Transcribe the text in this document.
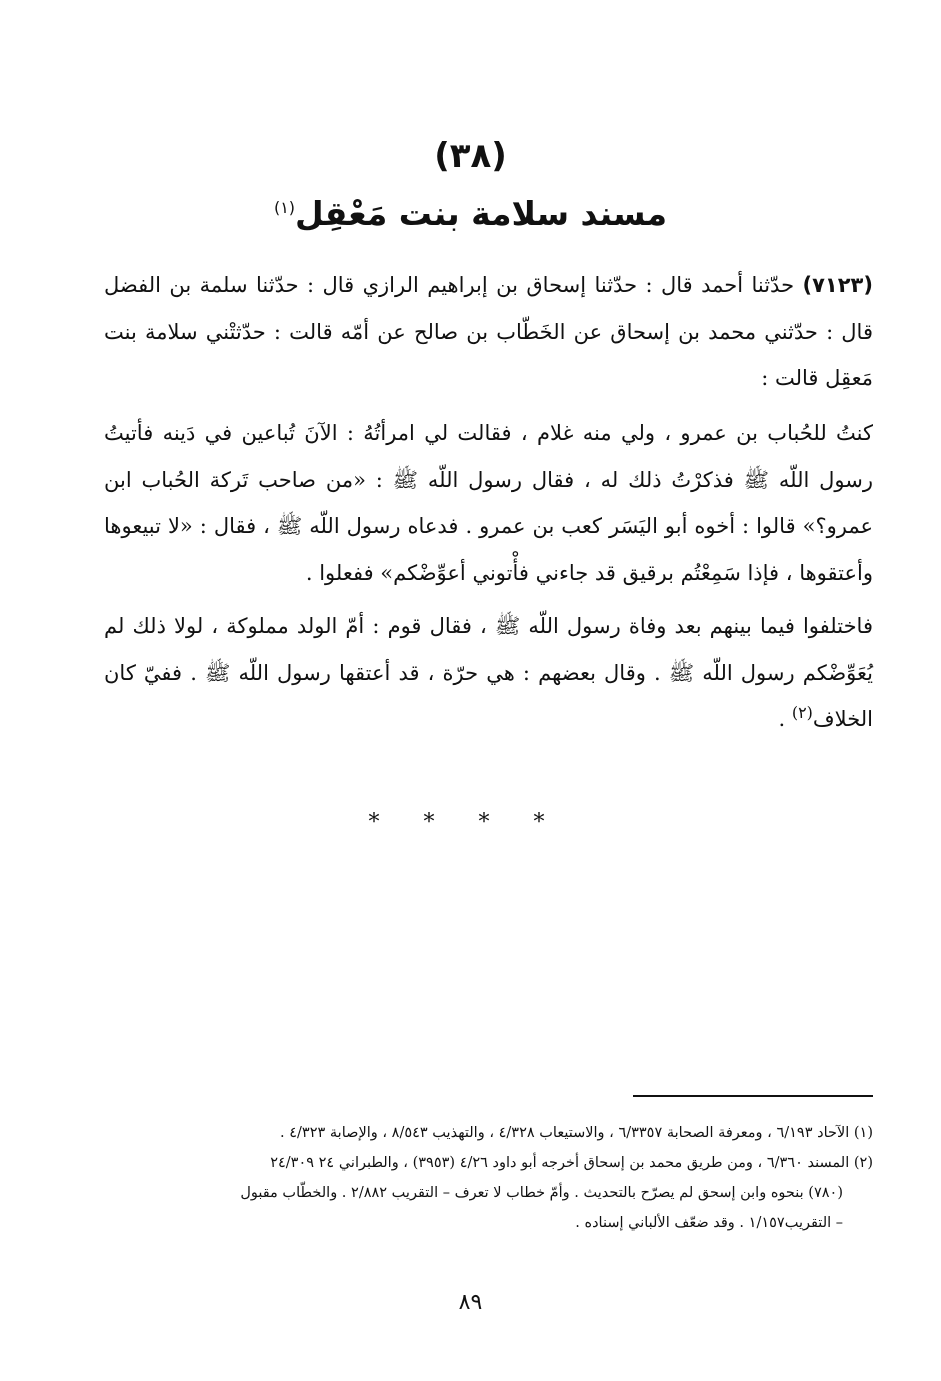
(٣٨)
مسند سلامة بنت مَعْقِل$^{(١)}$

(٧١٢٣) حدّثنا أحمد قال : حدّثنا إسحاق بن إبراهيم الرازي قال : حدّثنا سلمة بن الفضل قال : حدّثني محمد بن إسحاق عن الخَطّاب بن صالح عن أمّه قالت : حدّثتْني سلامة بنت مَعقِل قالت :

كنتُ للحُباب بن عمرو ، ولي منه غلام ، فقالت لي امرأتُهُ : الآنَ تُباعين في دَينه فأتيتُ رسول اللّه ﷺ فذكرْتُ ذلك له ، فقال رسول اللّه ﷺ : «من صاحب تَركة الحُباب ابن عمرو؟» قالوا : أخوه أبو اليَسَر كعب بن عمرو . فدعاه رسول اللّه ﷺ ، فقال : «لا تبيعوها وأعتقوها ، فإذا سَمِعْتُم برقيق قد جاءني فأْتوني أعوِّضْكم» ففعلوا .

فاختلفوا فيما بينهم بعد وفاة رسول اللّه ﷺ ، فقال قوم : أمّ الولد مملوكة ، لولا ذلك لم يُعَوِّضْكم رسول اللّه ﷺ . وقال بعضهم : هي حرّة ، قد أعتقها رسول اللّه ﷺ . ففيّ كان الخلاف$^{(٢)}$ .

* * * *

(١) الآحاد ٦/١٩٣ ، ومعرفة الصحابة ٦/٣٣٥٧ ، والاستيعاب ٤/٣٢٨ ، والتهذيب ٨/٥٤٣ ، والإصابة ٤/٣٢٣ .

(٢) المسند ٦/٣٦٠ ، ومن طريق محمد بن إسحاق أخرجه أبو داود ٤/٢٦ (٣٩٥٣) ، والطبراني ٢٤ ٢٤/٣٠٩

(٧٨٠) بنحوه وابن إسحق لم يصرّح بالتحديث . وأمّ خطاب لا تعرف – التقريب ٢/٨٨٢ . والخطّاب مقبول

– التقريب١/١٥٧ . وقد ضعّف الألباني إسناده .

٨٩
